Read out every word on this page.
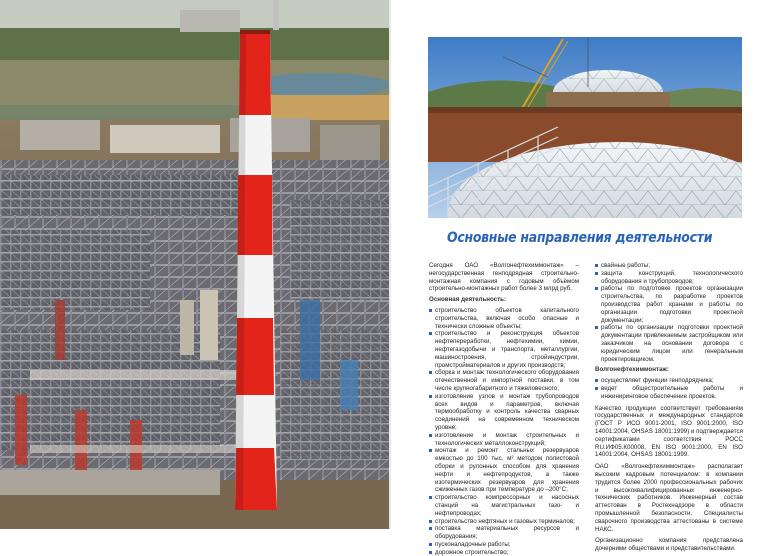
Основные направления деятельности

Сегодня ОАО «Волгонефтехиммонтаж» – негосударственная генподрядная строительно-монтажная компания с годовым объёмом строительно-монтажных работ более 3 млрд руб.

Основная деятельность:

строительство объектов капитального строительства, включая особо опасные и технически сложные объекты;
строительство и реконструкция объектов нефтепереработки, нефтехимии, химии, нефтегазодобычи и транспорта, металлургии, машиностроения, стройиндустрии, промстройматериалов и других производств;
сборка и монтаж технологического оборудования отечественной и импортной поставки, в том числе крупногабаритного и тяжеловесного;
изготовление узлов и монтаж трубопроводов всех видов и параметров, включая термообработку и контроль качества сварных соединений на современном техническом уровне;
изготовление и монтаж строительных и технологических металлоконструкций;
монтаж и ремонт стальных резервуаров емкостью до 100 тыс. м³ методом полистовой сборки и рулонных способом для хранения нефти и нефтепродуктов, а также изотермических резервуаров для хранения сжиженных газов при температуре до –200°С;
строительство компрессорных и насосных станций на магистральных газо- и нефтепроводах;
строительство нефтяных и газовых терминалов;
поставка материальных ресурсов и оборудования;
пусконаладочные работы;
дорожное строительство;
свайные работы;
защита конструкций, технологического оборудования и трубопроводов;
работы по подготовке проектов организации строительства, по разработке проектов производства работ кранами и работы по организации подготовки проектной документации;
работы по организации подготовки проектной документации привлекаемым застройщиком или заказчиком на основании договора с юридическим лицом или генеральным проектировщиком.

Волгонефтехиммонтаж:

осуществляет функции генподрядчика;
ведет общестроительные работы и инжиниринговое обеспечение проектов.

Качество продукции соответствует требованиям государственных и международных стандартов (ГОСТ Р ИСО 9001-2001, ISO 9001:2000, ISO 14001:2004, OHSAS 18001:1999) и подтверждается сертификатами соответствия РОСС RU.ИФ05.К00008, EN ISO 9001:2000, EN ISO 14001:2004, OHSAS 18001:1999.

ОАО «Волгонефтехиммонтаж» располагает высоким кадровым потенциалом: в компании трудится более 2000 профессиональных рабочих и высококвалифицированных инженерно-технических работников. Инженерный состав аттестован в Ростехнадзоре в области промышленной безопасности. Специалисты сварочного производства аттестованы в системе НАКС.

Организационно компания представлена дочерними обществами и представительствами.
